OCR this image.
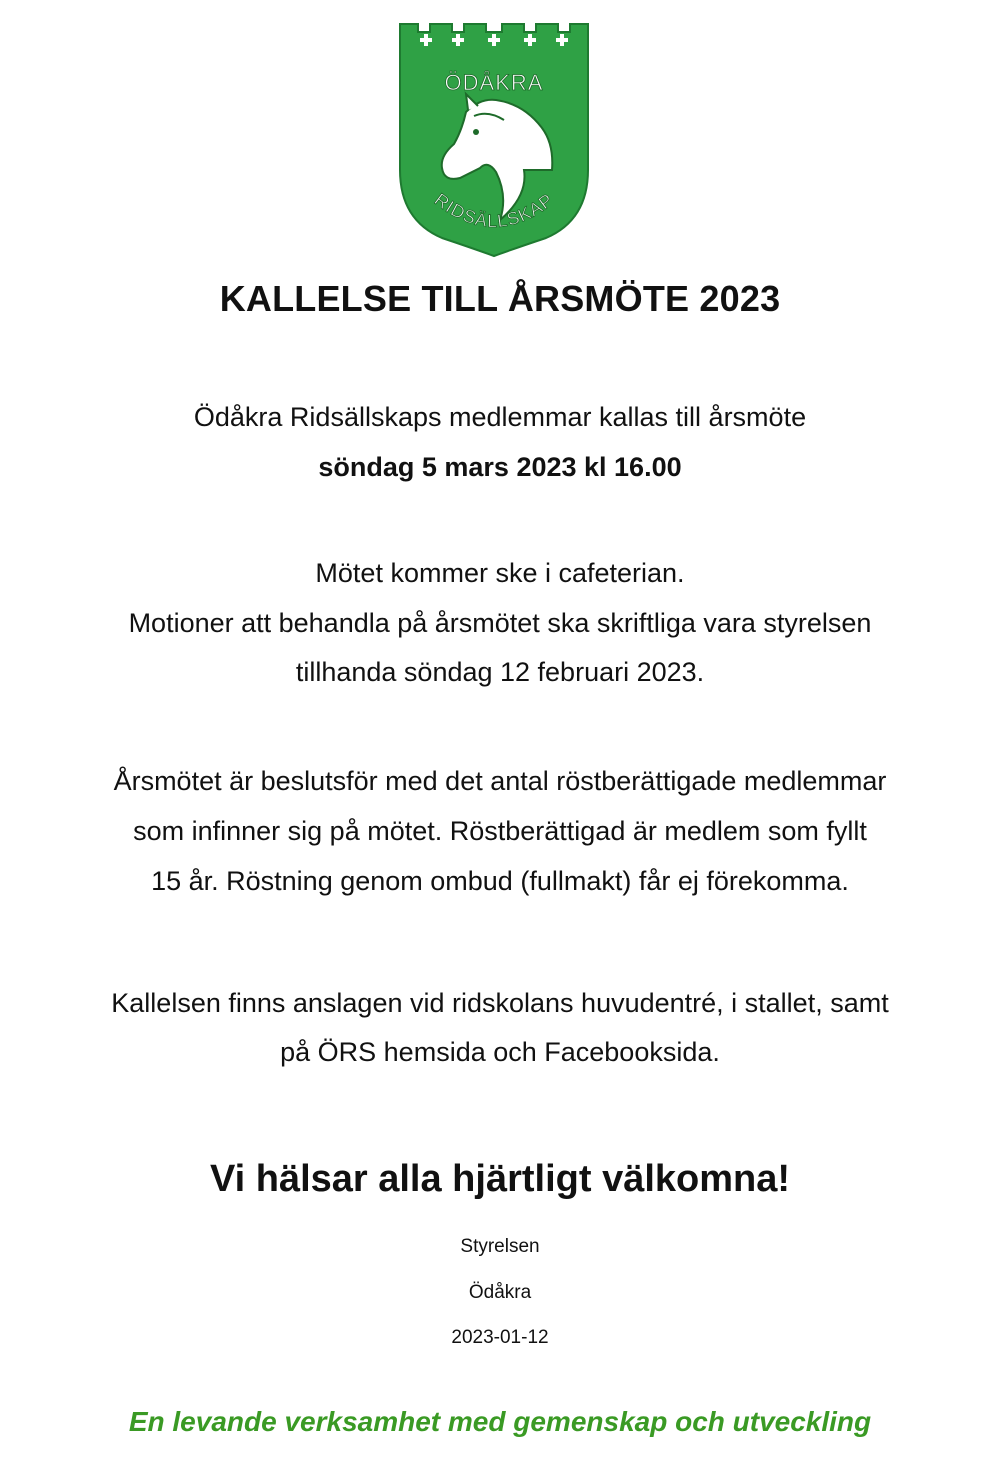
ÖDÅKRA
RIDSÄLLSKAP
KALLELSE TILL ÅRSMÖTE 2023
Ödåkra Ridsällskaps medlemmar kallas till årsmöte
söndag 5 mars 2023 kl 16.00
Mötet kommer ske i cafeterian.
Motioner att behandla på årsmötet ska skriftliga vara styrelsen
tillhanda söndag 12 februari 2023.
Årsmötet är beslutsför med det antal röstberättigade medlemmar
som infinner sig på mötet. Röstberättigad är medlem som fyllt
15 år. Röstning genom ombud (fullmakt) får ej förekomma.
Kallelsen finns anslagen vid ridskolans huvudentré, i stallet, samt
på ÖRS hemsida och Facebooksida.
Vi hälsar alla hjärtligt välkomna!
Styrelsen
Ödåkra
2023-01-12
En levande verksamhet med gemenskap och utveckling
